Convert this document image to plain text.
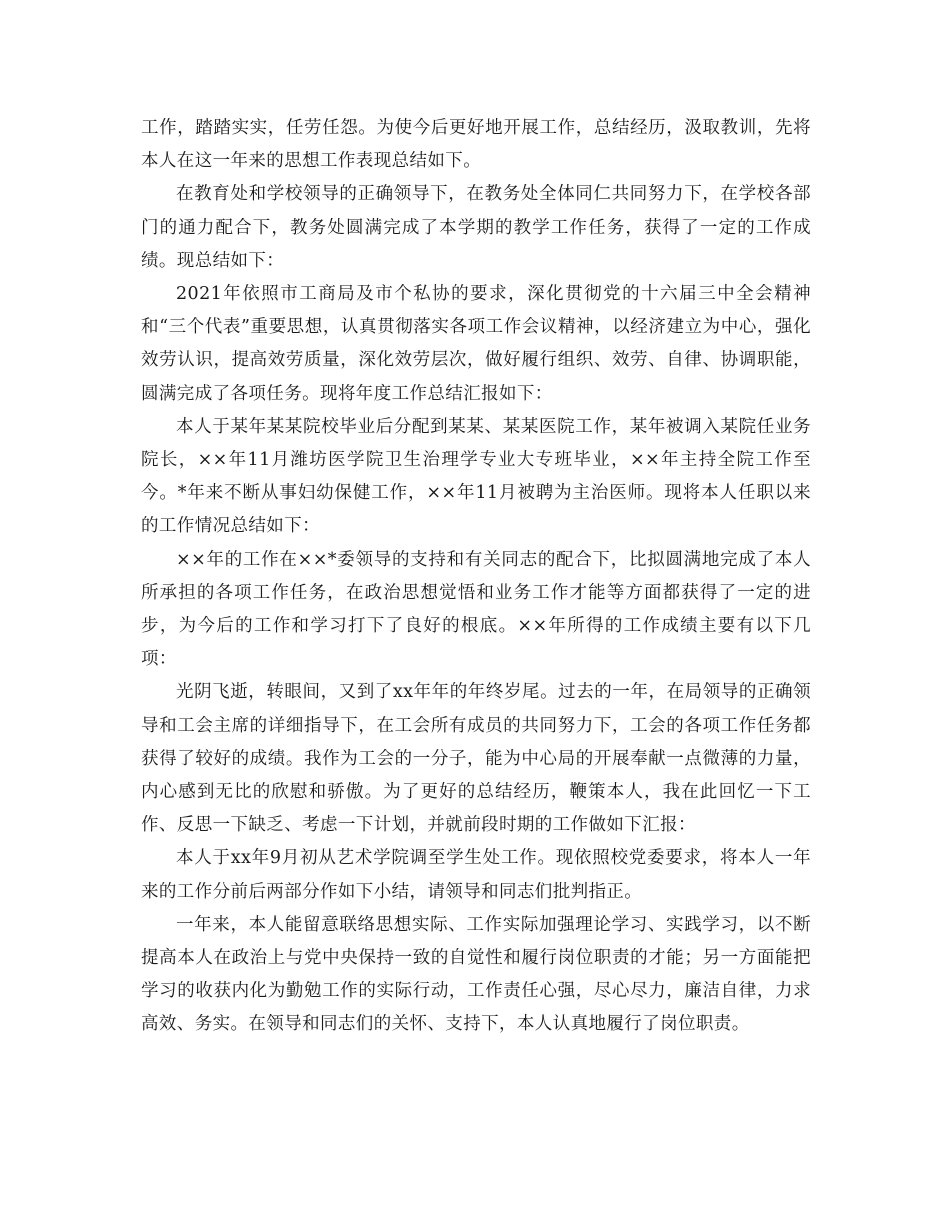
工作，踏踏实实，任劳任怨。为使今后更好地开展工作，总结经历，汲取教训，先将本人在这一年来的思想工作表现总结如下。

在教育处和学校领导的正确领导下，在教务处全体同仁共同努力下，在学校各部门的通力配合下，教务处圆满完成了本学期的教学工作任务，获得了一定的工作成绩。现总结如下：

2021年依照市工商局及市个私协的要求，深化贯彻党的十六届三中全会精神和“三个代表”重要思想，认真贯彻落实各项工作会议精神，以经济建立为中心，强化效劳认识，提高效劳质量，深化效劳层次，做好履行组织、效劳、自律、协调职能，圆满完成了各项任务。现将年度工作总结汇报如下：

本人于某年某某院校毕业后分配到某某、某某医院工作，某年被调入某院任业务院长，××年11月潍坊医学院卫生治理学专业大专班毕业，××年主持全院工作至今。*年来不断从事妇幼保健工作，××年11月被聘为主治医师。现将本人任职以来的工作情况总结如下：

××年的工作在××*委领导的支持和有关同志的配合下，比拟圆满地完成了本人所承担的各项工作任务，在政治思想觉悟和业务工作才能等方面都获得了一定的进步，为今后的工作和学习打下了良好的根底。××年所得的工作成绩主要有以下几项：

光阴飞逝，转眼间，又到了xx年年的年终岁尾。过去的一年，在局领导的正确领导和工会主席的详细指导下，在工会所有成员的共同努力下，工会的各项工作任务都获得了较好的成绩。我作为工会的一分子，能为中心局的开展奉献一点微薄的力量，内心感到无比的欣慰和骄傲。为了更好的总结经历，鞭策本人，我在此回忆一下工作、反思一下缺乏、考虑一下计划，并就前段时期的工作做如下汇报：

本人于xx年9月初从艺术学院调至学生处工作。现依照校党委要求，将本人一年来的工作分前后两部分作如下小结，请领导和同志们批判指正。

一年来，本人能留意联络思想实际、工作实际加强理论学习、实践学习，以不断提高本人在政治上与党中央保持一致的自觉性和履行岗位职责的才能；另一方面能把学习的收获内化为勤勉工作的实际行动，工作责任心强，尽心尽力，廉洁自律，力求高效、务实。在领导和同志们的关怀、支持下，本人认真地履行了岗位职责。
